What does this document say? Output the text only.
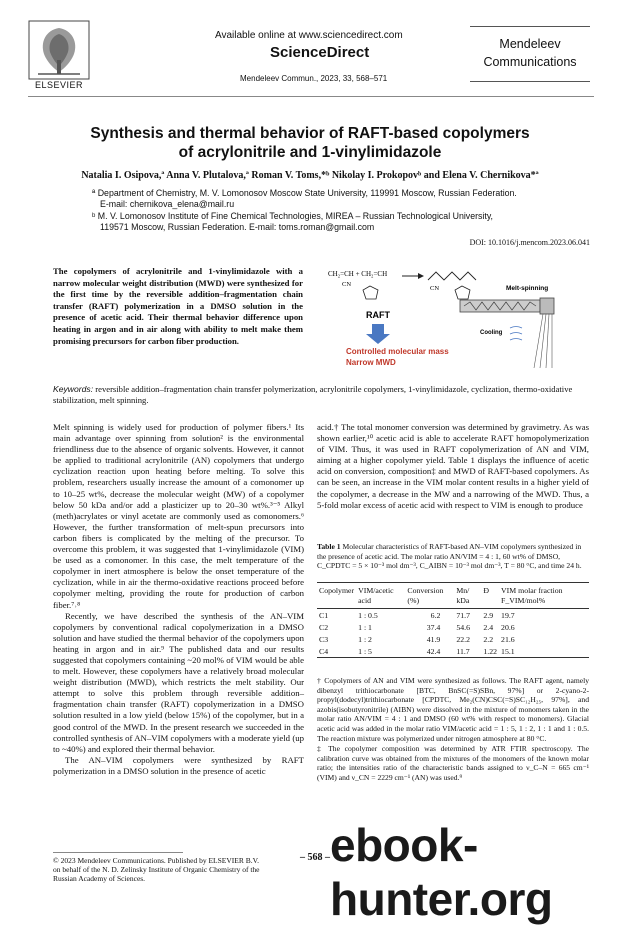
ELSEVIER
Available online at www.sciencedirect.com
ScienceDirect
Mendeleev Commun., 2023, 33, 568–571
Mendeleev
Communications
Synthesis and thermal behavior of RAFT-based copolymers
of acrylonitrile and 1-vinylimidazole
Natalia I. Osipova,ª Anna V. Plutalova,ª Roman V. Toms,*ᵇ Nikolay I. Prokopovᵇ and Elena V. Chernikova*ª
ª Department of Chemistry, M. V. Lomonosov Moscow State University, 119991 Moscow, Russian Federation.
E-mail: chernikova_elena@mail.ru
ᵇ M. V. Lomonosov Institute of Fine Chemical Technologies, MIREA – Russian Technological University,
119571 Moscow, Russian Federation. E-mail: toms.roman@gmail.com
DOI: 10.1016/j.mencom.2023.06.041
The copolymers of acrylonitrile and 1-vinylimidazole with a narrow molecular weight distribution (MWD) were synthesized for the first time by the reversible addition–fragmentation chain transfer (RAFT) polymerization in a DMSO solution in the presence of acetic acid. Their thermal behavior difference upon heating in argon and in air along with ability to melt make them promising precursors for carbon fiber production.
CH₂=CH + CH₂=CH
CN
CN
RAFT
Controlled molecular mass
Narrow MWD
Melt-spinning
Cooling
Keywords: reversible addition–fragmentation chain transfer polymerization, acrylonitrile copolymers, 1-vinylimidazole, cyclization, thermo-oxidative stabilization, melt spinning.

Melt spinning is widely used for production of polymer fibers.¹ Its main advantage over spinning from solution² is the environmental friendliness due to the absence of organic solvents. However, it cannot be applied to traditional acrylonitrile (AN) copolymers that undergo cyclization reaction upon heating before melting. To solve this problem, researchers usually increase the amount of a comonomer up to 10–25 wt%, decrease the molecular weight (MW) of a copolymer below 50 kDa and/or add a plasticizer up to 20–30 wt%.³⁻⁵ Alkyl (meth)acrylates or vinyl acetate are commonly used as comonomers.⁶ However, the further transformation of melt-spun precursors into carbon fibers is complicated by the melting of the precursor. To overcome this problem, it was suggested that 1-vinylimidazole (VIM) be used as a comonomer. In this case, the melt temperature of the copolymer in inert atmosphere is below the onset temperature of the cyclization, while in air the thermo-oxidative reactions proceed before copolymer melting, providing the route for production of carbon fiber.⁷˒⁸

Recently, we have described the synthesis of the AN–VIM copolymers by conventional radical copolymerization in a DMSO solution and have studied the thermal behavior of the copolymers upon heating in argon and in air.⁹ The published data and our results suggested that copolymers containing ~20 mol% of VIM would be able to melt. However, these copolymers have a relatively broad molecular weight distribution (MWD), which restricts the melt stability. Our attempt to solve this problem through reversible addition–fragmentation chain transfer (RAFT) copolymerization in a DMSO solution resulted in a low yield (below 15%) of the copolymer, but in a good control of the MWD. In the present research we succeeded in the controlled synthesis of AN–VIM copolymers with a moderate yield (up to ~40%) and explored their thermal behavior.

The AN–VIM copolymers were synthesized by RAFT polymerization in a DMSO solution in the presence of acetic

acid.† The total monomer conversion was determined by gravimetry. As was shown earlier,¹⁰ acetic acid is able to accelerate RAFT homopolymerization of VIM. Thus, it was used in RAFT copolymerization of AN and VIM, aiming at a higher copolymer yield. Table 1 displays the influence of acetic acid on conversion, composition‡ and MWD of RAFT-based copolymers. As can be seen, an increase in the VIM molar content results in a higher yield of the copolymer, a decrease in the MW and a narrowing of the MWD. Thus, a 5-fold molar excess of acetic acid with respect to VIM is enough to produce

Table 1 Molecular characteristics of RAFT-based AN–VIM copolymers synthesized in the presence of acetic acid. The molar ratio AN/VIM = 4 : 1, 60 wt% of DMSO, C_CPDTC = 5 × 10⁻³ mol dm⁻³, C_AIBN = 10⁻³ mol dm⁻³, T = 80 °C, and time 24 h.
Copolymer	VIM/acetic acid	Conversion (%)	Mn/ kDa	Đ	VIM molar fraction F_VIM/mol%
C1	1 : 0.5	6.2	71.7	2.9	19.7
C2	1 : 1	37.4	54.6	2.4	20.6
C3	1 : 2	41.9	22.2	2.2	21.6
C4	1 : 5	42.4	11.7	1.22	15.1

† Copolymers of AN and VIM were synthesized as follows. The RAFT agent, namely dibenzyl trithiocarbonate [BTC, BnSC(=S)SBn, 97%] or 2-cyano-2-propyl(dodecyl)trithiocarbonate [CPDTC, Me₂(CN)CSC(=S)SC₁₂H₂₅, 97%], and azobis(isobutyronitrile) (AIBN) were dissolved in the mixture of monomers taken in the molar ratio AN/VIM = 4 : 1 and DMSO (60 wt% with respect to monomers). Glacial acetic acid was added in the molar ratio VIM/acetic acid = 1 : 5, 1 : 2, 1 : 1 and 1 : 0.5. The reaction mixture was polymerized under nitrogen atmosphere at 80 °C.

‡ The copolymer composition was determined by ATR FTIR spectroscopy. The calibration curve was obtained from the mixtures of the monomers of the known molar ratio; the intensities ratio of the characteristic bands assigned to ν_C–N = 665 cm⁻¹ (VIM) and ν_CN = 2229 cm⁻¹ (AN) was used.⁹

© 2023 Mendeleev Communications. Published by ELSEVIER B.V.
on behalf of the N. D. Zelinsky Institute of Organic Chemistry of the
Russian Academy of Sciences.
– 568 – ebook-hunter.org
